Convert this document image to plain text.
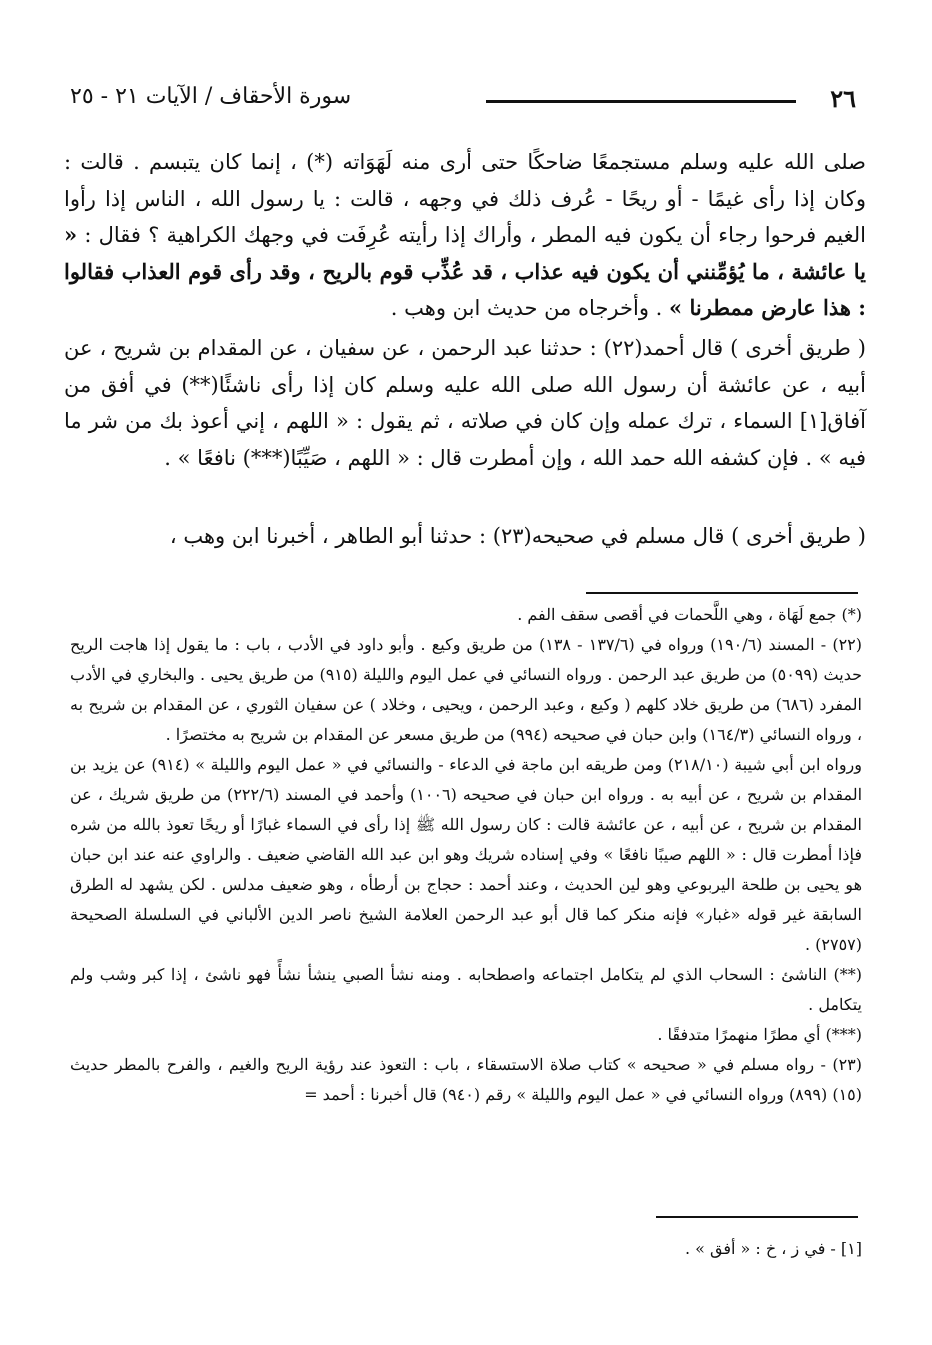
٢٦
سورة الأحقاف / الآيات ٢١ - ٢٥
صلى الله عليه وسلم مستجمعًا ضاحكًا حتى أرى منه لَهَوَاته (*) ، إنما كان يتبسم . قالت : وكان إذا رأى غيمًا - أو ريحًا - عُرف ذلك في وجهه ، قالت : يا رسول الله ، الناس إذا رأوا الغيم فرحوا رجاء أن يكون فيه المطر ، وأراك إذا رأيته عُرِفَت في وجهك الكراهية ؟ فقال : « يا عائشة ، ما يُؤمِّنني أن يكون فيه عذاب ، قد عُذِّب قوم بالريح ، وقد رأى قوم العذاب فقالوا : هذا عارض ممطرنا » . وأخرجاه من حديث ابن وهب .
( طريق أخرى ) قال أحمد(٢٢) : حدثنا عبد الرحمن ، عن سفيان ، عن المقدام بن شريح ، عن أبيه ، عن عائشة أن رسول الله صلى الله عليه وسلم كان إذا رأى ناشئًا(**) في أفق من آفاق[١] السماء ، ترك عمله وإن كان في صلاته ، ثم يقول : « اللهم ، إني أعوذ بك من شر ما فيه » . فإن كشفه الله حمد الله ، وإن أمطرت قال : « اللهم ، صَيِّبًا(***) نافعًا » .
( طريق أخرى ) قال مسلم في صحيحه(٢٣) : حدثنا أبو الطاهر ، أخبرنا ابن وهب ،

(*) جمع لَهَاة ، وهي اللَّحمات في أقصى سقف الفم .

(٢٢) - المسند (١٩٠/٦) ورواه في (١٣٧/٦ - ١٣٨) من طريق وكيع . وأبو داود في الأدب ، باب : ما يقول إذا هاجت الريح حديث (٥٠٩٩) من طريق عبد الرحمن . ورواه النسائي في عمل اليوم والليلة (٩١٥) من طريق يحيى . والبخاري في الأدب المفرد (٦٨٦) من طريق خلاد كلهم ( وكيع ، وعبد الرحمن ، ويحيى ، وخلاد ) عن سفيان الثوري ، عن المقدام بن شريح به ، ورواه النسائي (١٦٤/٣) وابن حبان في صحيحه (٩٩٤) من طريق مسعر عن المقدام بن شريح به مختصرًا .

ورواه ابن أبي شيبة (٢١٨/١٠) ومن طريقه ابن ماجة في الدعاء - والنسائي في « عمل اليوم والليلة » (٩١٤) عن يزيد بن المقدام بن شريح ، عن أبيه به . ورواه ابن حبان في صحيحه (١٠٠٦) وأحمد في المسند (٢٢٢/٦) من طريق شريك ، عن المقدام بن شريح ، عن أبيه ، عن عائشة قالت : كان رسول الله ﷺ إذا رأى في السماء غبارًا أو ريحًا تعوذ بالله من شره فإذا أمطرت قال : « اللهم صيبًا نافعًا » وفي إسناده شريك وهو ابن عبد الله القاضي ضعيف . والراوي عنه عند ابن حبان هو يحيى بن طلحة اليربوعي وهو لين الحديث ، وعند أحمد : حجاج بن أرطأه ، وهو ضعيف مدلس . لكن يشهد له الطرق السابقة غير قوله «غبار» فإنه منكر كما قال أبو عبد الرحمن العلامة الشيخ ناصر الدين الألباني في السلسلة الصحيحة (٢٧٥٧) .

(**) الناشئ : السحاب الذي لم يتكامل اجتماعه واصطحابه . ومنه نشأ الصبي ينشأ نشأً فهو ناشئ ، إذا كبر وشب ولم يتكامل .

(***) أي مطرًا منهمرًا متدفقًا .

(٢٣) - رواه مسلم في « صحيحه » كتاب صلاة الاستسقاء ، باب : التعوذ عند رؤية الريح والغيم ، والفرح بالمطر حديث (١٥) (٨٩٩) ورواه النسائي في « عمل اليوم والليلة » رقم (٩٤٠) قال أخبرنا : أحمد =

[١] - في ز ، خ : « أفق » .
